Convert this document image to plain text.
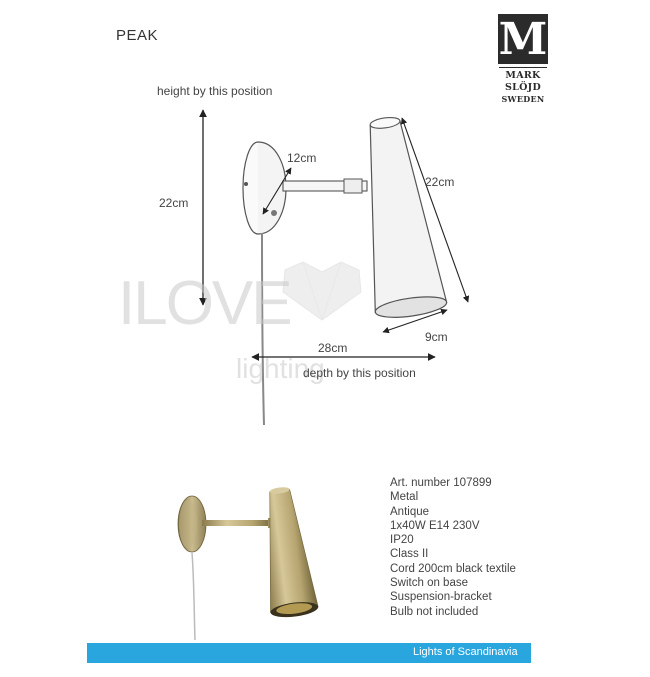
PEAK	M
MARK
SLÖJD
SWEDEN
ILOVE
lighting
height by this position
22cm
12cm
22cm
28cm
9cm
depth by this position
Art. number 107899
Metal
Antique
1x40W E14 230V
IP20
Class II
Cord 200cm black textile
Switch on base
Suspension-bracket
Bulb not included
Lights of Scandinavia
